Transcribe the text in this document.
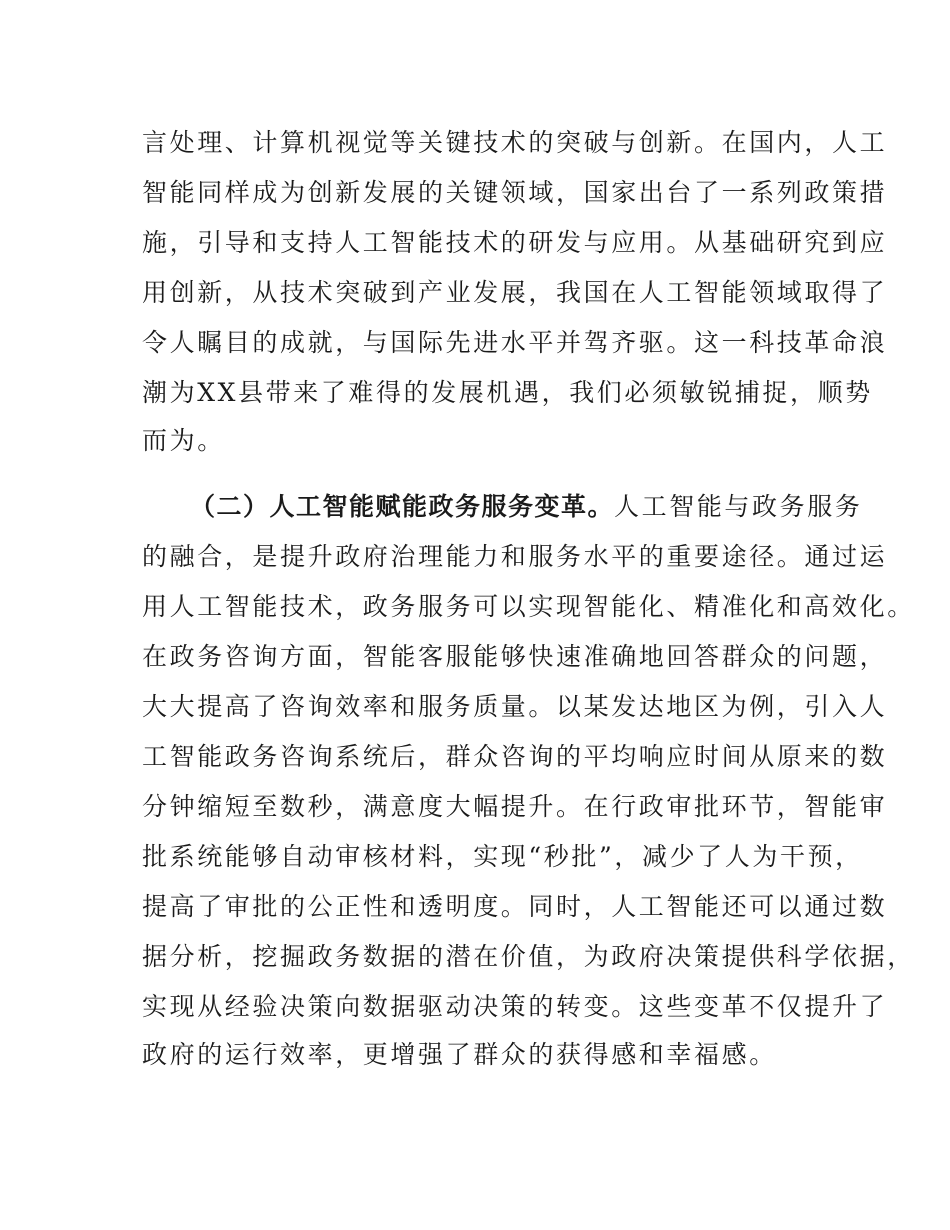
言处理、计算机视觉等关键技术的突破与创新。在国内，人工
智能同样成为创新发展的关键领域，国家出台了一系列政策措
施，引导和支持人工智能技术的研发与应用。从基础研究到应
用创新，从技术突破到产业发展，我国在人工智能领域取得了
令人瞩目的成就，与国际先进水平并驾齐驱。这一科技革命浪
潮为XX县带来了难得的发展机遇，我们必须敏锐捕捉，顺势
而为。
（二）人工智能赋能政务服务变革。人工智能与政务服务
的融合，是提升政府治理能力和服务水平的重要途径。通过运
用人工智能技术，政务服务可以实现智能化、精准化和高效化。
在政务咨询方面，智能客服能够快速准确地回答群众的问题，
大大提高了咨询效率和服务质量。以某发达地区为例，引入人
工智能政务咨询系统后，群众咨询的平均响应时间从原来的数
分钟缩短至数秒，满意度大幅提升。在行政审批环节，智能审
批系统能够自动审核材料，实现“秒批”，减少了人为干预，
提高了审批的公正性和透明度。同时，人工智能还可以通过数
据分析，挖掘政务数据的潜在价值，为政府决策提供科学依据，
实现从经验决策向数据驱动决策的转变。这些变革不仅提升了
政府的运行效率，更增强了群众的获得感和幸福感。
